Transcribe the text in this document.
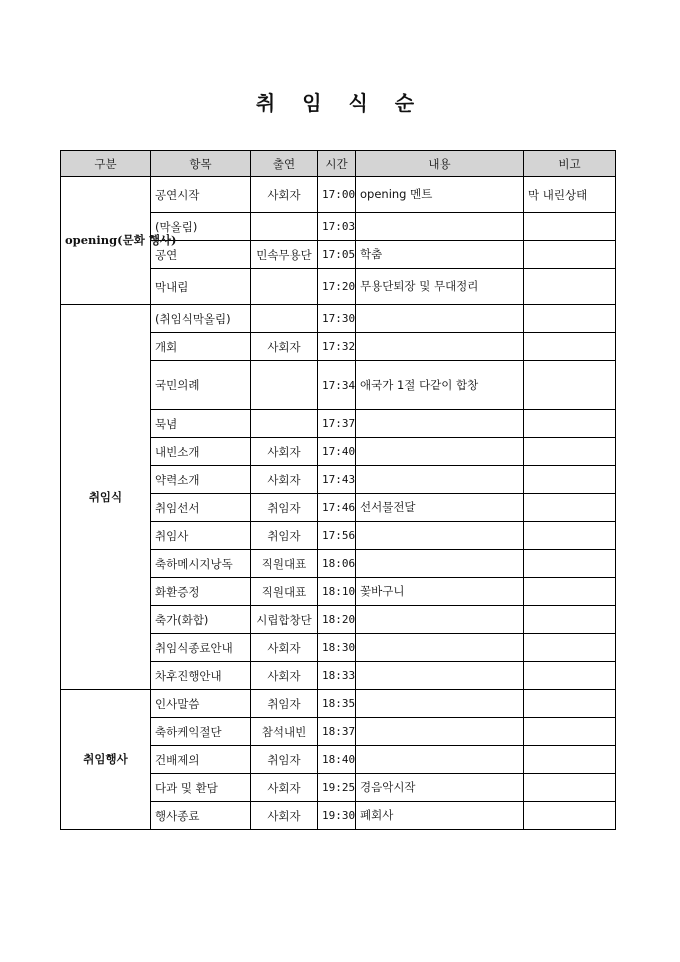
취 임 식 순
구분	항목	출연	시간	내용	비고
opening(문화 행사)	공연시작	사회자	17:00	opening 멘트	막 내린상태
	(막올림)		17:03		
	공연	민속무용단	17:05	학춤	
	막내림		17:20	무용단퇴장 및 무대정리	
취임식	(취임식막올림)		17:30		
	개회	사회자	17:32		
	국민의례		17:34	애국가 1절 다같이 합창	
	묵념		17:37		
	내빈소개	사회자	17:40		
	약력소개	사회자	17:43		
	취임선서	취임자	17:46	선서물전달	
	취임사	취임자	17:56		
	축하메시지낭독	직원대표	18:06		
	화환증정	직원대표	18:10	꽃바구니	
	축가(화합)	시립합창단	18:20		
	취임식종료안내	사회자	18:30		
	차후진행안내	사회자	18:33		
취임행사	인사말씀	취임자	18:35		
	축하케익절단	참석내빈	18:37		
	건배제의	취임자	18:40		
	다과 및 환담	사회자	19:25	경음악시작	
	행사종료	사회자	19:30	폐회사	
